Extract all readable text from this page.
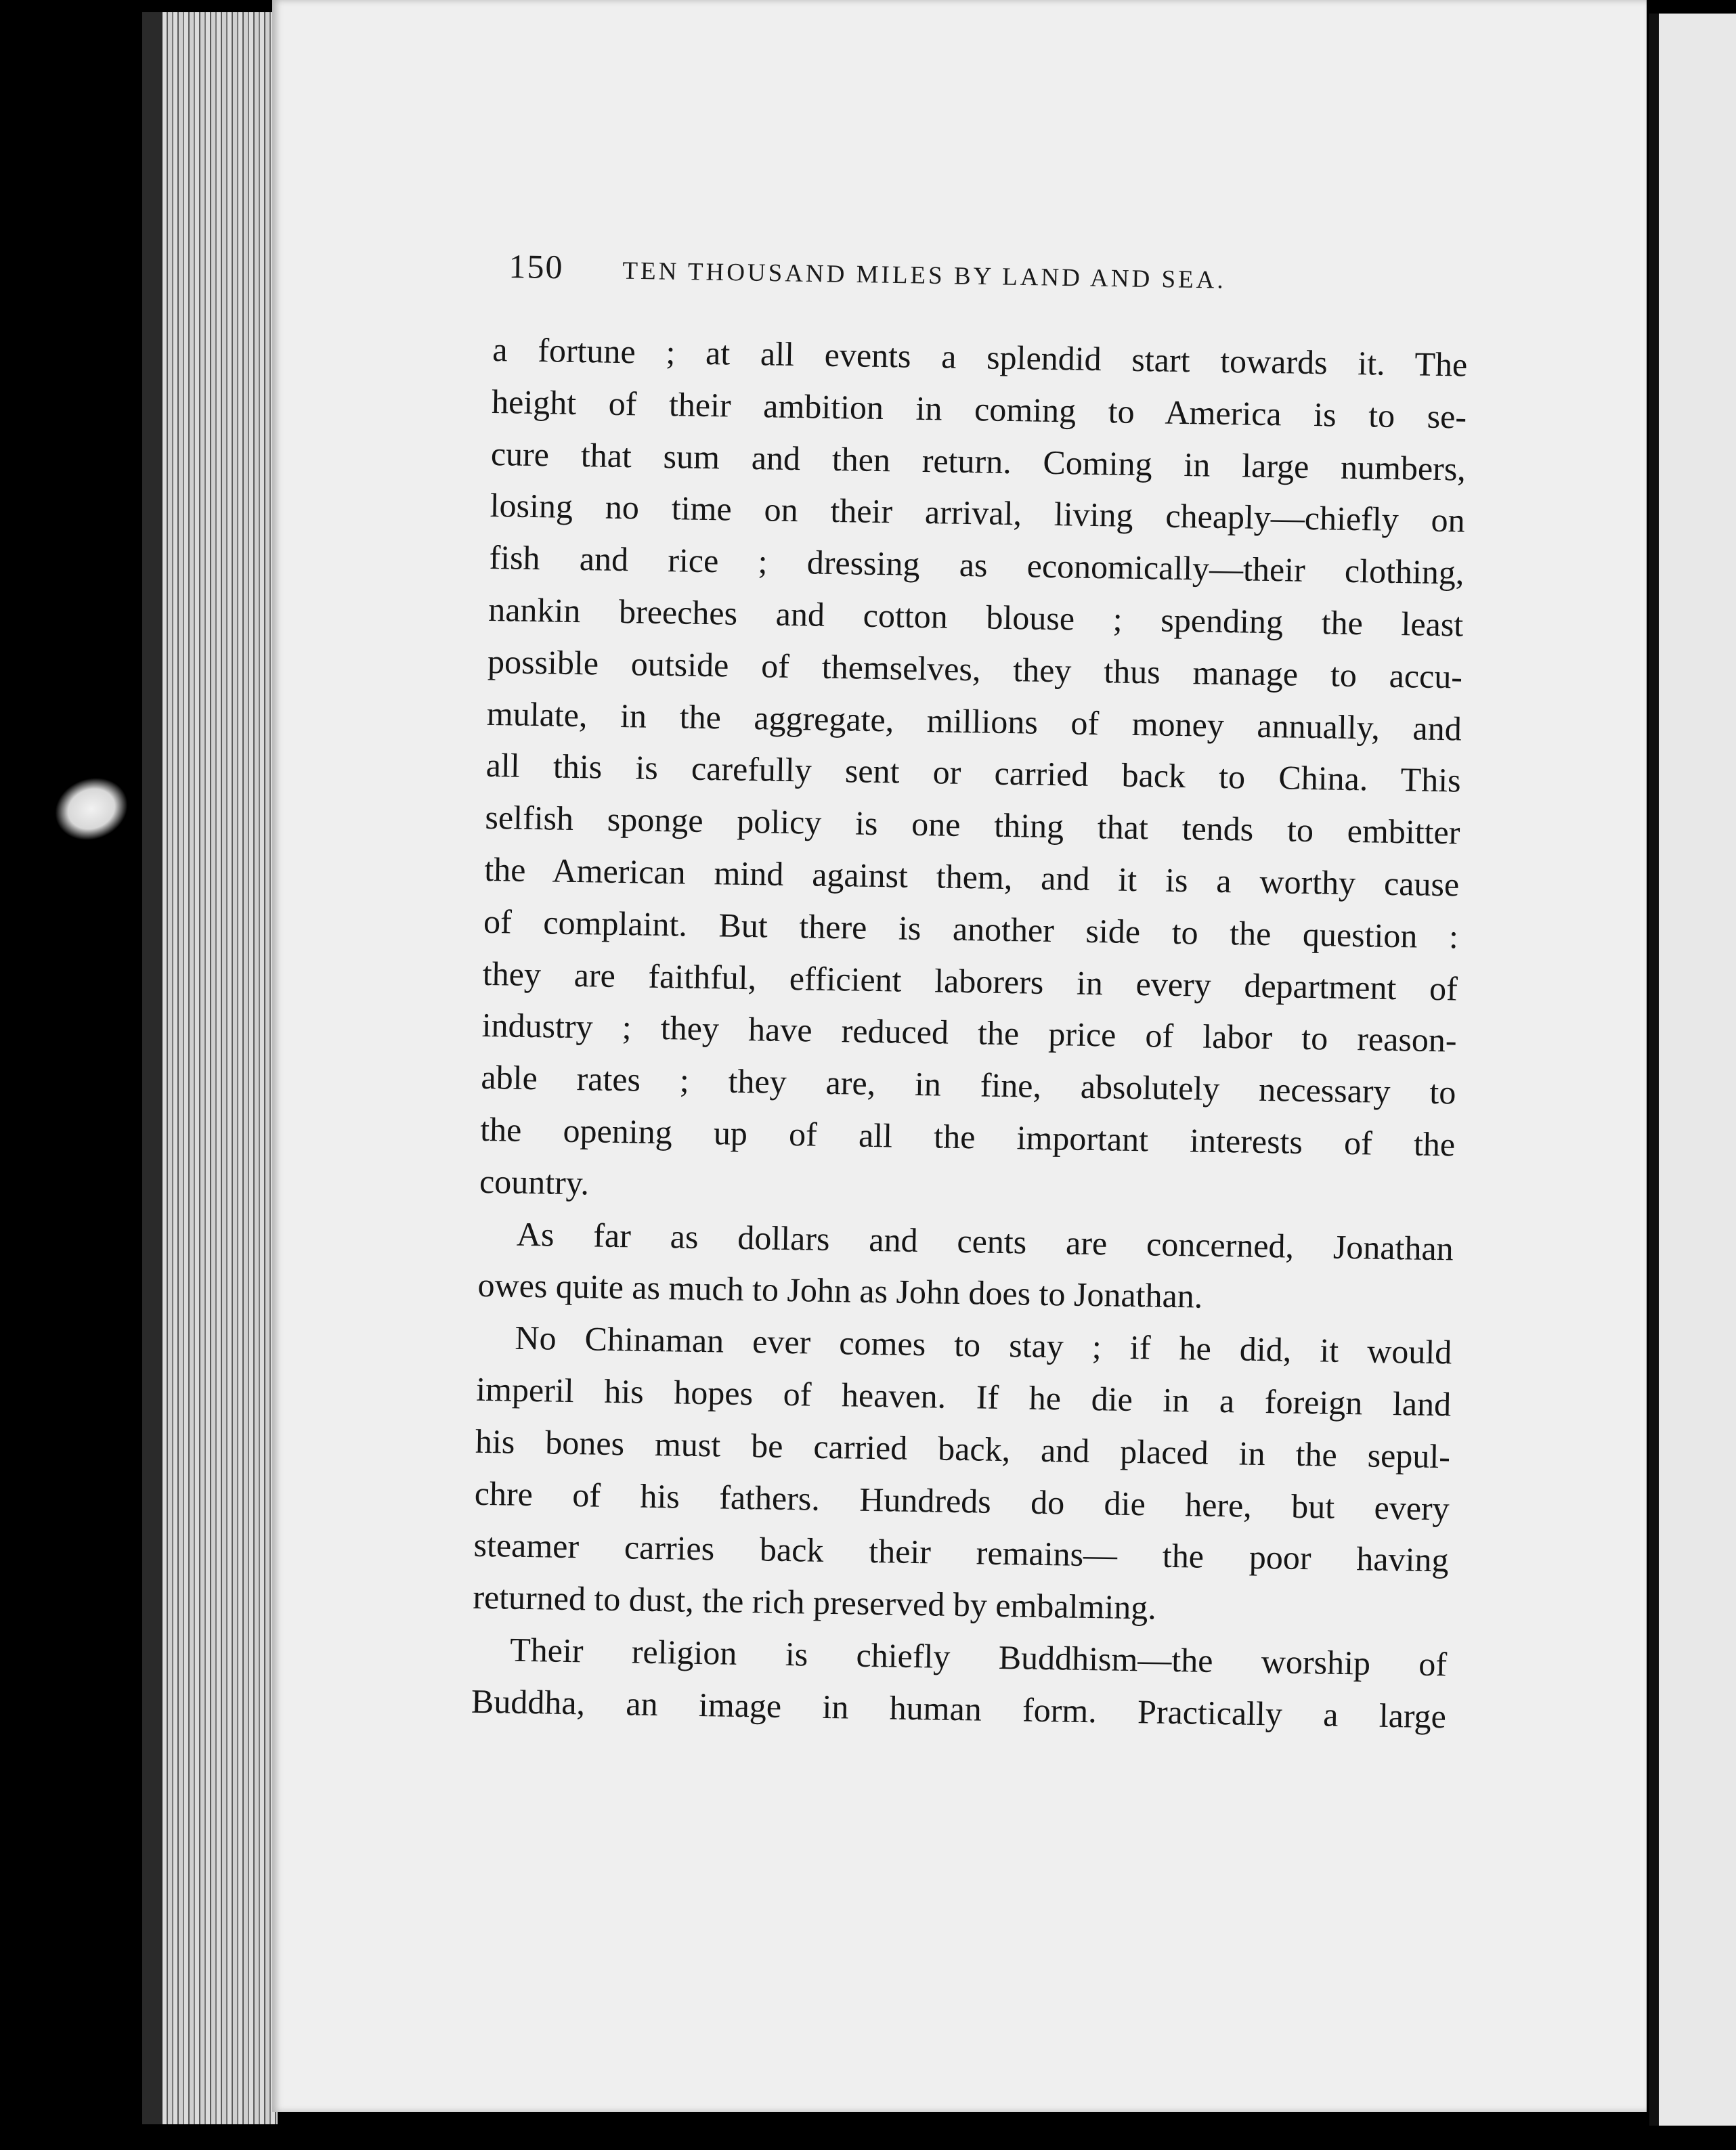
150 TEN THOUSAND MILES BY LAND AND SEA.

a fortune ; at all events a splendid start towards it. The
height of their ambition in coming to America is to se-
cure that sum and then return. Coming in large numbers,
losing no time on their arrival, living cheaply—chiefly on
fish and rice ; dressing as economically—their clothing,
nankin breeches and cotton blouse ; spending the least
possible outside of themselves, they thus manage to accu-
mulate, in the aggregate, millions of money annually, and
all this is carefully sent or carried back to China. This
selfish sponge policy is one thing that tends to embitter
the American mind against them, and it is a worthy cause
of complaint. But there is another side to the question :
they are faithful, efficient laborers in every department of
industry ; they have reduced the price of labor to reason-
able rates ; they are, in fine, absolutely necessary to
the opening up of all the important interests of the
country.

As far as dollars and cents are concerned, Jonathan
owes quite as much to John as John does to Jonathan.

No Chinaman ever comes to stay ; if he did, it would
imperil his hopes of heaven. If he die in a foreign land
his bones must be carried back, and placed in the sepul-
chre of his fathers. Hundreds do die here, but every
steamer carries back their remains— the poor having
returned to dust, the rich preserved by embalming.

Their religion is chiefly Buddhism—the worship of
Buddha, an image in human form. Practically a large
